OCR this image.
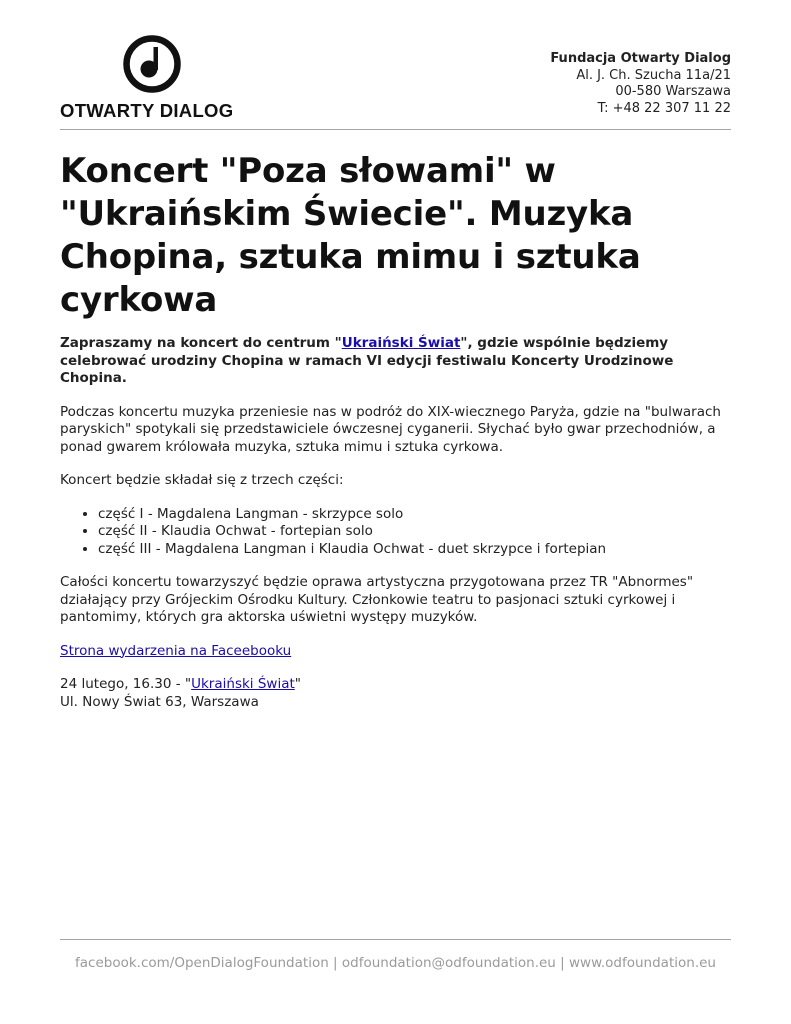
OTWARTY DIALOG
Fundacja Otwarty Dialog
Al. J. Ch. Szucha 11a/21
00-580 Warszawa
T: +48 22 307 11 22
Koncert "Poza słowami" w "Ukraińskim Świecie". Muzyka Chopina, sztuka mimu i sztuka cyrkowa

Zapraszamy na koncert do centrum "Ukraiński Świat", gdzie wspólnie będziemy celebrować urodziny Chopina w ramach VI edycji festiwalu Koncerty Urodzinowe Chopina.

Podczas koncertu muzyka przeniesie nas w podróż do XIX-wiecznego Paryża, gdzie na "bulwarach paryskich" spotykali się przedstawiciele ówczesnej cyganerii. Słychać było gwar przechodniów, a ponad gwarem królowała muzyka, sztuka mimu i sztuka cyrkowa.

Koncert będzie składał się z trzech części:

• część I - Magdalena Langman - skrzypce solo
• część II - Klaudia Ochwat - fortepian solo
• część III - Magdalena Langman i Klaudia Ochwat - duet skrzypce i fortepian

Całości koncertu towarzyszyć będzie oprawa artystyczna przygotowana przez TR "Abnormes" działający przy Grójeckim Ośrodku Kultury. Członkowie teatru to pasjonaci sztuki cyrkowej i pantomimy, których gra aktorska uświetni występy muzyków.

Strona wydarzenia na Faceebooku

24 lutego, 16.30 - "Ukraiński Świat"
Ul. Nowy Świat 63, Warszawa

facebook.com/OpenDialogFoundation | odfoundation@odfoundation.eu | www.odfoundation.eu
